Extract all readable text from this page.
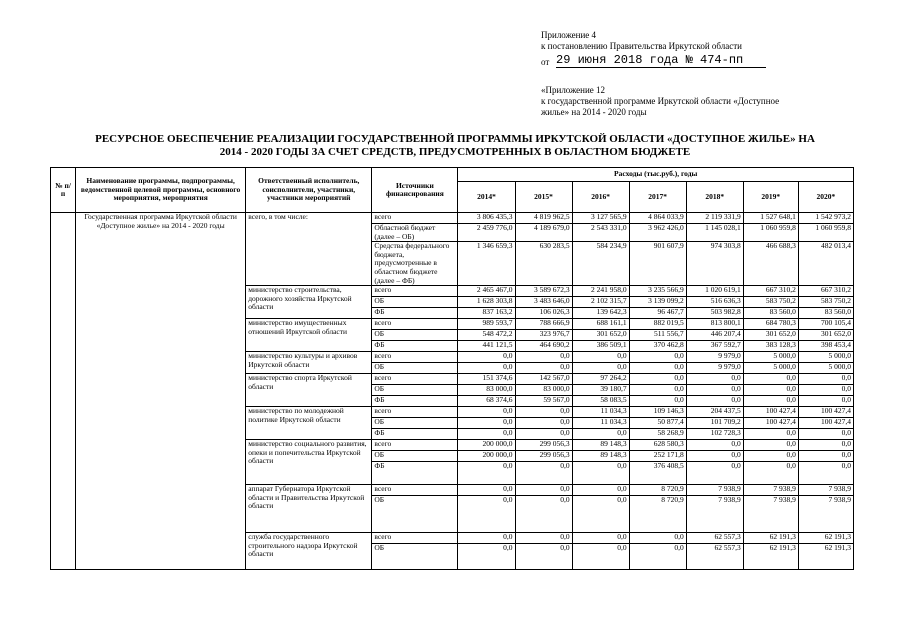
Приложение 4
к постановлению Правительства Иркутской области
от 29 июня 2018 года № 474-пп
«Приложение 12
к государственной программе Иркутской области «Доступное
жилье» на 2014 - 2020 годы
РЕСУРСНОЕ ОБЕСПЕЧЕНИЕ РЕАЛИЗАЦИИ ГОСУДАРСТВЕННОЙ ПРОГРАММЫ ИРКУТСКОЙ ОБЛАСТИ «ДОСТУПНОЕ ЖИЛЬЕ» НА
2014 - 2020 ГОДЫ ЗА СЧЕТ СРЕДСТВ, ПРЕДУСМОТРЕННЫХ В ОБЛАСТНОМ БЮДЖЕТЕ
№ п/п	Наименование программы, подпрограммы, ведомственной целевой программы, основного мероприятия, мероприятия	Ответственный исполнитель, соисполнители, участники, участники мероприятий	Источники финансирования	Расходы (тыс.руб.), годы						
				2014*	2015*	2016*	2017*	2018*	2019*	2020*
	Государственная программа Иркутской области «Доступное жилье» на 2014 - 2020 годы	всего, в том числе:	всего	3 806 435,3	4 819 962,5	3 127 565,9	4 864 033,9	2 119 331,9	1 527 648,1	1 542 973,2
			Областной бюджет (далее – ОБ)	2 459 776,0	4 189 679,0	2 543 331,0	3 962 426,0	1 145 028,1	1 060 959,8	1 060 959,8
			Средства федерального бюджета, предусмотренные в областном бюджете (далее – ФБ)	1 346 659,3	630 283,5	584 234,9	901 607,9	974 303,8	466 688,3	482 013,4
		министерство строительства, дорожного хозяйства Иркутской области	всего	2 465 467,0	3 589 672,3	2 241 958,0	3 235 566,9	1 020 619,1	667 310,2	667 310,2
			ОБ	1 628 303,8	3 483 646,0	2 102 315,7	3 139 099,2	516 636,3	583 750,2	583 750,2
			ФБ	837 163,2	106 026,3	139 642,3	96 467,7	503 982,8	83 560,0	83 560,0
		министерство имущественных отношений Иркутской области	всего	989 593,7	788 666,9	688 161,1	882 019,5	813 800,1	684 780,3	700 105,4
			ОБ	548 472,2	323 976,7	301 652,0	511 556,7	446 207,4	301 652,0	301 652,0
			ФБ	441 121,5	464 690,2	386 509,1	370 462,8	367 592,7	383 128,3	398 453,4
		министерство культуры и архивов Иркутской области	всего	0,0	0,0	0,0	0,0	9 979,0	5 000,0	5 000,0
			ОБ	0,0	0,0	0,0	0,0	9 979,0	5 000,0	5 000,0
		министерство спорта Иркутской области	всего	151 374,6	142 567,0	97 264,2	0,0	0,0	0,0	0,0
			ОБ	83 000,0	83 000,0	39 180,7	0,0	0,0	0,0	0,0
			ФБ	68 374,6	59 567,0	58 083,5	0,0	0,0	0,0	0,0
		министерство по молодежной политике Иркутской области	всего	0,0	0,0	11 034,3	109 146,3	204 437,5	100 427,4	100 427,4
			ОБ	0,0	0,0	11 034,3	50 877,4	101 709,2	100 427,4	100 427,4
			ФБ	0,0	0,0	0,0	58 268,9	102 728,3	0,0	0,0
		министерство социального развития, опеки и попечительства Иркутской области	всего	200 000,0	299 056,3	89 148,3	628 580,3	0,0	0,0	0,0
			ОБ	200 000,0	299 056,3	89 148,3	252 171,8	0,0	0,0	0,0
			ФБ	0,0	0,0	0,0	376 408,5	0,0	0,0	0,0
		аппарат Губернатора Иркутской области и Правительства Иркутской области	всего	0,0	0,0	0,0	8 720,9	7 938,9	7 938,9	7 938,9
			ОБ	0,0	0,0	0,0	8 720,9	7 938,9	7 938,9	7 938,9
		служба государственного строительного надзора Иркутской области	всего	0,0	0,0	0,0	0,0	62 557,3	62 191,3	62 191,3
			ОБ	0,0	0,0	0,0	0,0	62 557,3	62 191,3	62 191,3
